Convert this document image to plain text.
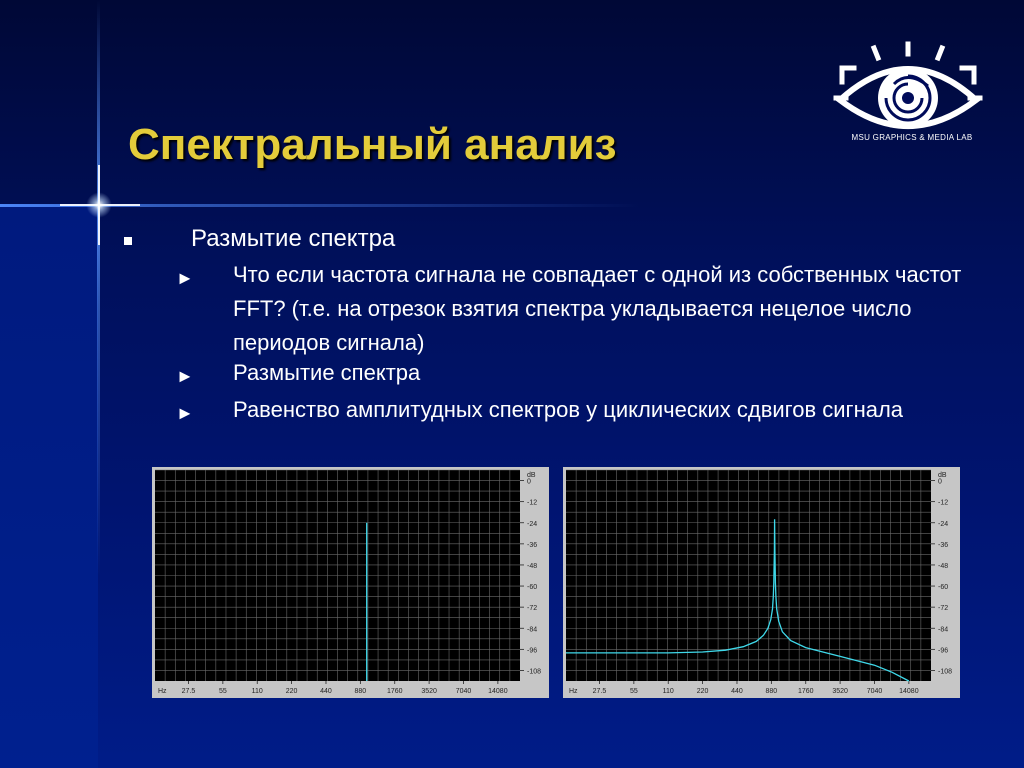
Спектральный анализ	MSU GRAPHICS & MEDIA LAB
Размытие спектра
► Что если частота сигнала не совпадает с одной из собственных частот FFT? (т.е. на отрезок взятия спектра укладывается нецелое число периодов сигнала)
► Размытие спектра
► Равенство амплитудных спектров у циклических сдвигов сигнала
dB
0
-12
-24
-36
-48
-60
-72
-84
-96
-108
Hz 27.5	55	110	220	440	880	1760	3520	7040 14080
dB
0
-12
-24
-36
-48
-60
-72
-84
-96
-108
Hz 27.5	55	110	220	440	880	1760	3520	7040 14080
